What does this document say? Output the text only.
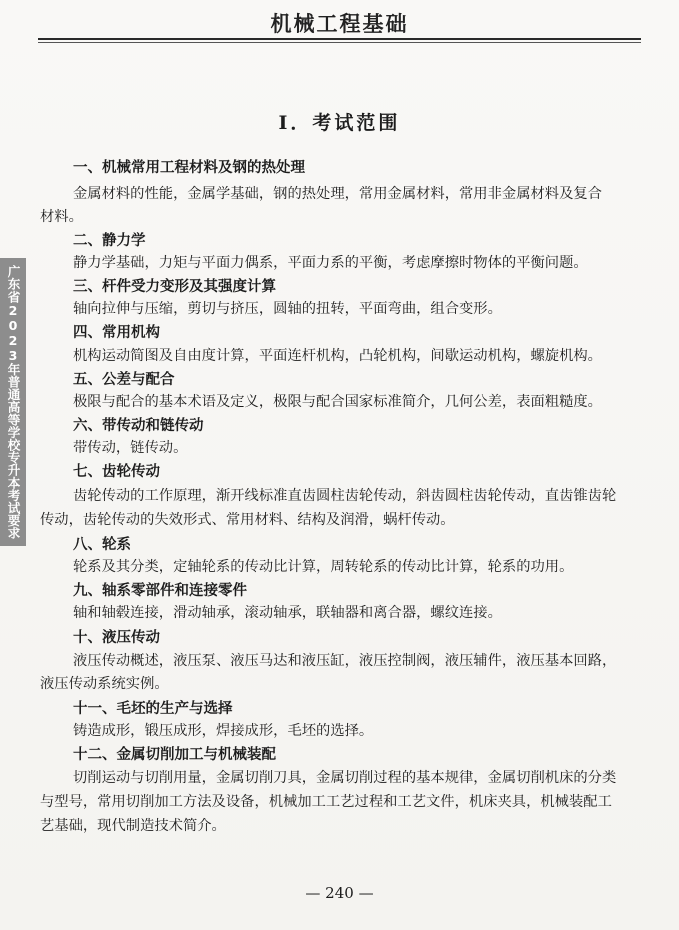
机械工程基础
I．考试范围
广东省2023年普通高等学校专升本考试要求
一、机械常用工程材料及钢的热处理
金属材料的性能，金属学基础，钢的热处理，常用金属材料，常用非金属材料及复合
材料。
二、静力学
静力学基础，力矩与平面力偶系，平面力系的平衡，考虑摩擦时物体的平衡问题。
三、杆件受力变形及其强度计算
轴向拉伸与压缩，剪切与挤压，圆轴的扭转，平面弯曲，组合变形。
四、常用机构
机构运动简图及自由度计算，平面连杆机构，凸轮机构，间歇运动机构，螺旋机构。
五、公差与配合
极限与配合的基本术语及定义，极限与配合国家标准简介，几何公差，表面粗糙度。
六、带传动和链传动
带传动，链传动。
七、齿轮传动
齿轮传动的工作原理，渐开线标准直齿圆柱齿轮传动，斜齿圆柱齿轮传动，直齿锥齿轮
传动，齿轮传动的失效形式、常用材料、结构及润滑，蜗杆传动。
八、轮系
轮系及其分类，定轴轮系的传动比计算，周转轮系的传动比计算，轮系的功用。
九、轴系零部件和连接零件
轴和轴毂连接，滑动轴承，滚动轴承，联轴器和离合器，螺纹连接。
十、液压传动
液压传动概述，液压泵、液压马达和液压缸，液压控制阀，液压辅件，液压基本回路，
液压传动系统实例。
十一、毛坯的生产与选择
铸造成形，锻压成形，焊接成形，毛坯的选择。
十二、金属切削加工与机械装配
切削运动与切削用量，金属切削刀具，金属切削过程的基本规律，金属切削机床的分类
与型号，常用切削加工方法及设备，机械加工工艺过程和工艺文件，机床夹具，机械装配工
艺基础，现代制造技术简介。
— 240 —
